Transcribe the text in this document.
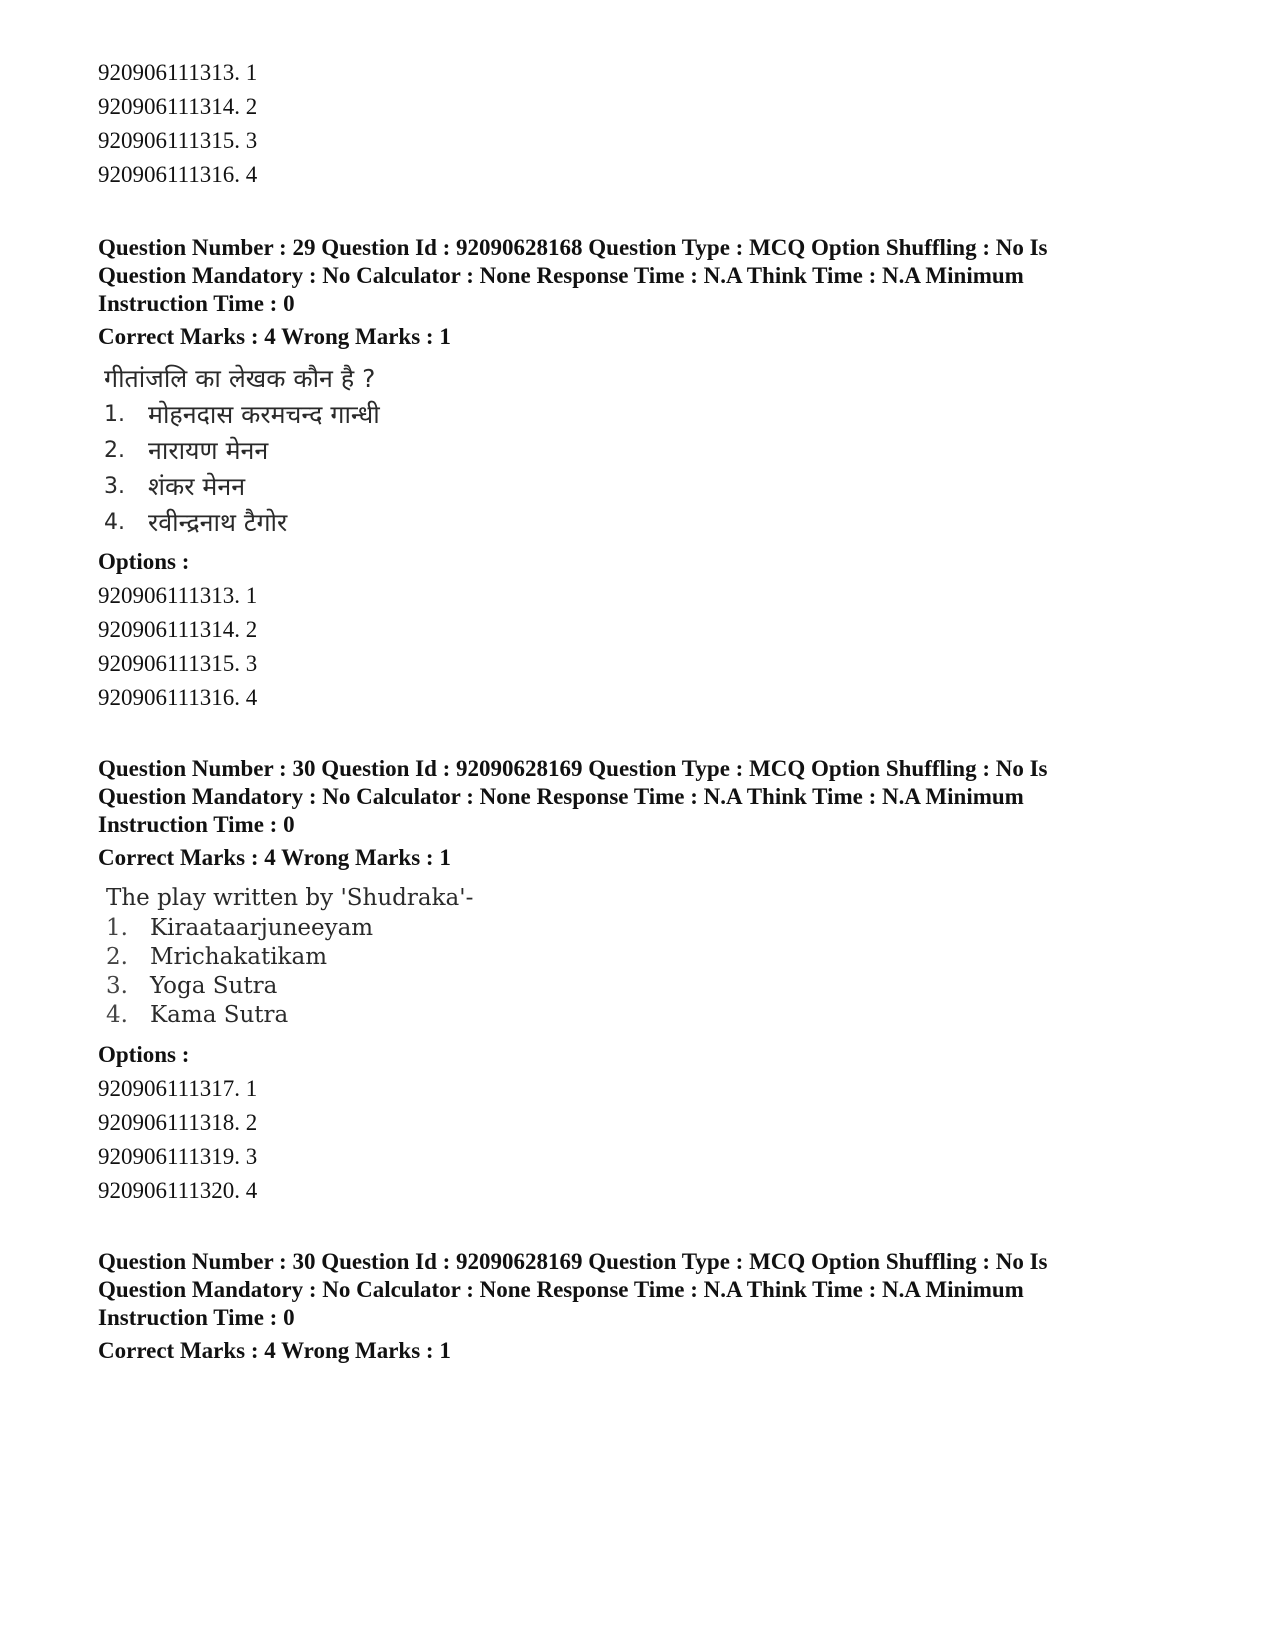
920906111313. 1
920906111314. 2
920906111315. 3
920906111316. 4
Question Number : 29 Question Id : 92090628168 Question Type : MCQ Option Shuffling : No Is
Question Mandatory : No Calculator : None Response Time : N.A Think Time : N.A Minimum
Instruction Time : 0
Correct Marks : 4 Wrong Marks : 1
गीतांजलि का लेखक कौन है ?
1. मोहनदास करमचन्द गान्धी
2. नारायण मेनन
3. शंकर मेनन
4. रवीन्द्रनाथ टैगोर
Options :
920906111313. 1
920906111314. 2
920906111315. 3
920906111316. 4
Question Number : 30 Question Id : 92090628169 Question Type : MCQ Option Shuffling : No Is
Question Mandatory : No Calculator : None Response Time : N.A Think Time : N.A Minimum
Instruction Time : 0
Correct Marks : 4 Wrong Marks : 1
The play written by 'Shudraka'-
1. Kiraataarjuneeyam
2. Mrichakatikam
3. Yoga Sutra
4. Kama Sutra
Options :
920906111317. 1
920906111318. 2
920906111319. 3
920906111320. 4
Question Number : 30 Question Id : 92090628169 Question Type : MCQ Option Shuffling : No Is
Question Mandatory : No Calculator : None Response Time : N.A Think Time : N.A Minimum
Instruction Time : 0
Correct Marks : 4 Wrong Marks : 1
